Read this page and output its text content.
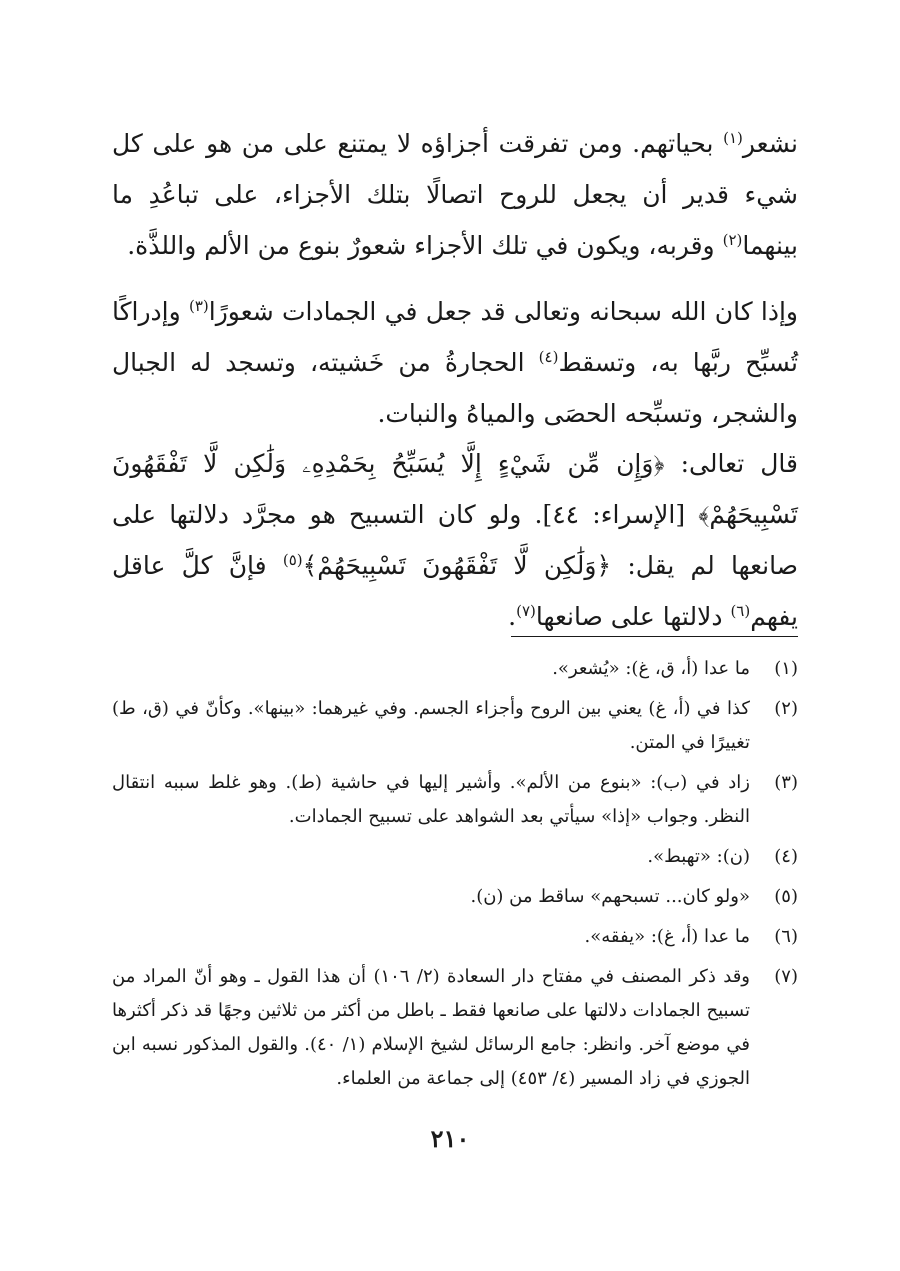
نشعر$^{(١)}$ بحياتهم. ومن تفرقت أجزاؤه لا يمتنع على من هو على كل شيء قدير أن يجعل للروح اتصالًا بتلك الأجزاء، على تباعُدِ ما بينهما$^{(٢)}$ وقربه، ويكون في تلك الأجزاء شعورٌ بنوع من الألم واللذَّة.

وإذا كان الله سبحانه وتعالى قد جعل في الجمادات شعورًا$^{(٣)}$ وإدراكًا تُسبِّح ربَّها به، وتسقط$^{(٤)}$ الحجارةُ من خَشيته، وتسجد له الجبال والشجر، وتسبِّحه الحصَى والمياهُ والنبات.

قال تعالى: ﴿وَإِن مِّن شَيْءٍ إِلَّا يُسَبِّحُ بِحَمْدِهِۦ وَلَٰكِن لَّا تَفْقَهُونَ تَسْبِيحَهُمْ﴾ [الإسراء: ٤٤]. ولو كان التسبيح هو مجرَّد دلالتها على صانعها لم يقل: ﴿وَلَٰكِن لَّا تَفْقَهُونَ تَسْبِيحَهُمْ﴾$^{(٥)}$ فإنَّ كلَّ عاقل يفهم$^{(٦)}$ دلالتها على صانعها$^{(٧)}$.

(١)
ما عدا (أ، ق، غ): «يُشعر».
(٢)
كذا في (أ، غ) يعني بين الروح وأجزاء الجسم. وفي غيرهما: «بينها». وكأنّ في (ق، ط) تغييرًا في المتن.
(٣)
زاد في (ب): «بنوع من الألم». وأشير إليها في حاشية (ط). وهو غلط سببه انتقال النظر. وجواب «إذا» سيأتي بعد الشواهد على تسبيح الجمادات.
(٤)
(ن): «تهبط».
(٥)
«ولو كان... تسبحهم» ساقط من (ن).
(٦)
ما عدا (أ، غ): «يفقه».
(٧)
وقد ذكر المصنف في مفتاح دار السعادة (٢/ ١٠٦) أن هذا القول ـ وهو أنّ المراد من تسبيح الجمادات دلالتها على صانعها فقط ـ باطل من أكثر من ثلاثين وجهًا قد ذكر أكثرها في موضع آخر. وانظر: جامع الرسائل لشيخ الإسلام (١/ ٤٠). والقول المذكور نسبه ابن الجوزي في زاد المسير (٤/ ٤٥٣) إلى جماعة من العلماء.
٢١٠
